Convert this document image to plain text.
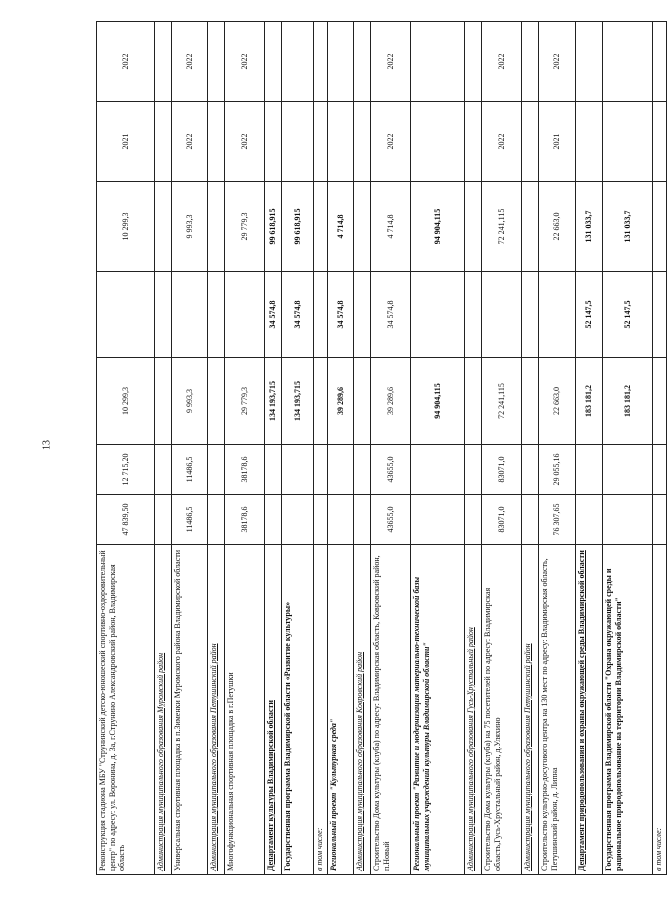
13
Реконструкция стадиона МБУ "Струнинский детско-юношеский спортивно-оздоровительный центр" по адресу: ул. Воронина, д. 3а, г.Струнино Александровский район, Владимирская область	47 839,50	12 715,20	10 299,3		10 299,3	2021	2022
Администрация муниципального образования Муромский район							
Универсальная спортивная площадка в п.Зименки Муромского района Владимирской области	11486,5	11486,5	9 993,3		9 993,3	2022	2022
Администрация муниципального образования Петушинский район							
Многофункциональная спортивная площадка в г.Петушки	38178,6	38178,6	29 779,3		29 779,3	2022	2022
Департамент культуры Владимирской области			134 193,715	34 574,8	99 618,915		
Государственная программа Владимирской области «Развитие культуры»			134 193,715	34 574,8	99 618,915		
в том числе:							
Региональный проект "Культурная среда"			39 289,6	34 574,8	4 714,8		
Администрация муниципального образования Ковровский район							
Строительство Дома культуры (клуба) по адресу: Владимирская область, Ковровский район, п.Новый	43655,0	43655,0	39 289,6	34 574,8	4 714,8	2022	2022
Региональный проект "Развитие и модернизация материально-технической базы муниципальных учреждений культуры Владимирской области"			94 904,115		94 904,115		
Администрация муниципального образования Гусь-Хрустальный район							
Строительство Дома культуры (клуба) на 75 посетителей по адресу: Владимирская область,Гусь-Хрустальный район, д.Уляхино	83071,0	83071,0	72 241,115		72 241,115	2022	2022
Администрация муниципального образования Петушинский район							
Строительство культурно-досугового центра на 130 мест по адресу: Владимирская область, Петушинский район, д. Липна	76 307,65	29 055,16	22 663,0		22 663,0	2021	2022
Департамент природопользования и охраны окружающей среды Владимирской области			183 181,2	52 147,5	131 033,7		
Государственная программа Владимирской области "Охрана окружающей среды и рациональное природопользование на территории Владимирской области"			183 181,2	52 147,5	131 033,7		
в том числе:							
